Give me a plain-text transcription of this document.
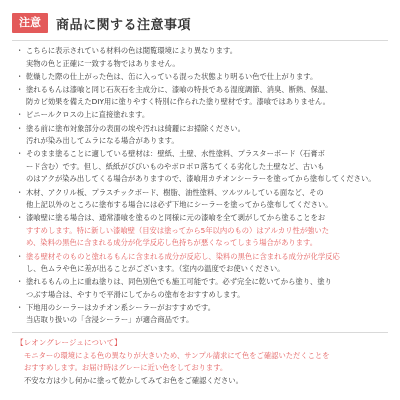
注意	商品に関する注意事項
・ こちらに表示されている材料の色は閲覧環境により異なります。
実物の色と正確に一致する物ではありません。
・ 乾燥した際の仕上がった色は、缶に入っている混った状態より明るい色で仕上がります。
・ 塗れるもんは漆喰と同じ石灰石を主成分に、漆喰の特長である湿度調節、消臭、断熱、保温、
防カビ効果を備えたDIY用に塗りやすく特別に作られた塗り壁材です。漆喰ではありません。
・ ビニールクロスの上に直接塗れます。
・ 塗る前に塗布対象部分の表面の埃や汚れは綺麗にお掃除ください。
汚れが染み出してムラになる場合があります。
・ そのまま塗ることに適している壁材は：壁紙、土壁、水性塗料、プラスターボード（石膏ボ
ード含む）です。但し、紙紙がびびいものやボロボロ落ちてくる劣化した土壁など、古いも
のはアクが染み出してくる場合がありますので、漆喰用カチオンシーラーを塗ってから塗布してください。
・ 木材、アクリル板、プラスチックボード、樹脂、油性塗料、ツルツルしている面など、その
他上記以外のところに塗布する場合には必ず下地にシーラーを塗ってから塗布してください。
・ 漆喰壁に塗る場合は、通常漆喰を塗るのと同様に元の漆喰を全て剥がしてから塗ることをお
すすめします。特に新しい漆喰壁（目安は塗ってから5年以内のもの）はアルカリ性が強いた
め、染料の黒色に含まれる成分が化学反応し色持ちが悪くなってしまう場合があります。
・ 塗る壁材そのものと塗れるもんに含まれる成分が反応し、染料の黒色に含まれる成分が化学反応
し、色ムラや色に差が出ることがございます。（室内の温度でお使いください。
・ 塗れるもんの上に重ね塗りは、同色別色でも施工可能です。必ず完全に乾いてから塗り、塗り
つぶす場合は、やすりで平滑にしてからの塗布をおすすめします。
・ 下地用のシーラーはカチオン系シーラーがおすすめです。
当店取り扱いの「含浸シーラー」が適合商品です。
【レオングレージュについて】
モニターの環境による色の異なりが大きいため、サンプル請求にて色をご確認いただくことを
おすすめします。お届け時はグレーに近い色をしております。
不安な方は少し何かに塗って乾かしてみてお色をご確認ください。
